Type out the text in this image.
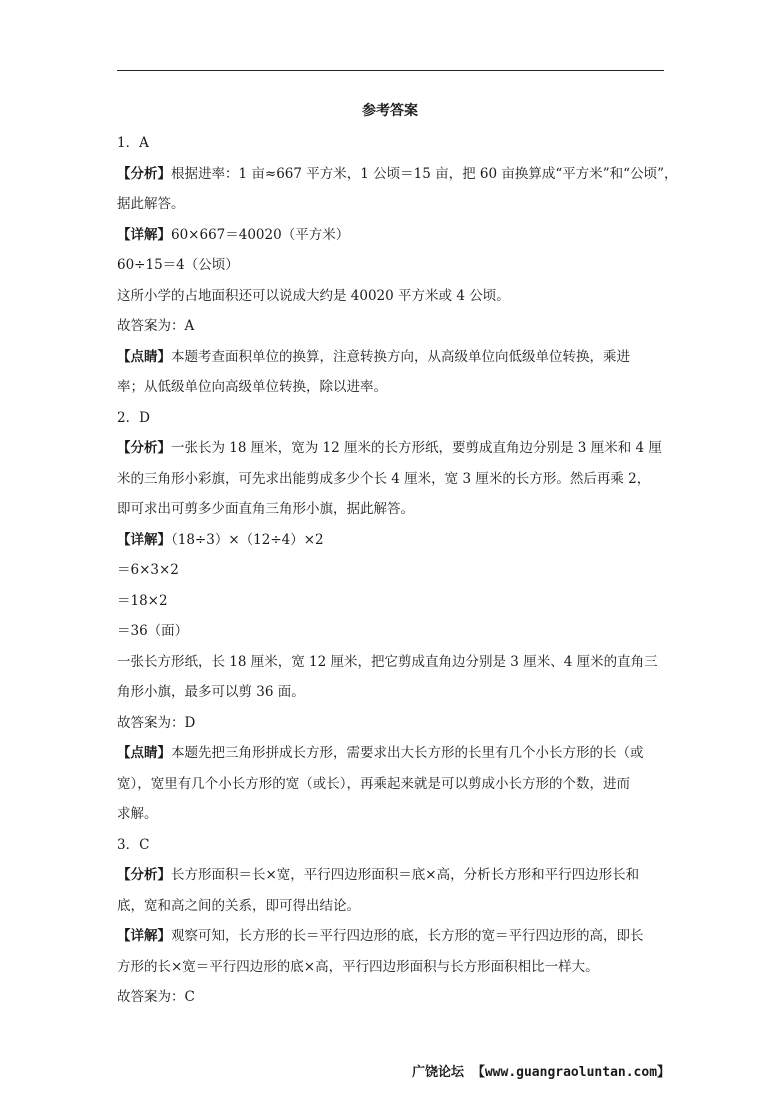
参考答案
1．A
【分析】根据进率：1 亩≈667 平方米，1 公顷＝15 亩，把 60 亩换算成“平方米”和“公顷”，
据此解答。
【详解】60×667＝40020（平方米）
60÷15＝4（公顷）
这所小学的占地面积还可以说成大约是 40020 平方米或 4 公顷。
故答案为：A
【点睛】本题考查面积单位的换算，注意转换方向，从高级单位向低级单位转换，乘进
率；从低级单位向高级单位转换，除以进率。
2．D
【分析】一张长为 18 厘米，宽为 12 厘米的长方形纸，要剪成直角边分别是 3 厘米和 4 厘
米的三角形小彩旗，可先求出能剪成多少个长 4 厘米，宽 3 厘米的长方形。然后再乘 2，
即可求出可剪多少面直角三角形小旗，据此解答。
【详解】（18÷3）×（12÷4）×2
＝6×3×2
＝18×2
＝36（面）
一张长方形纸，长 18 厘米，宽 12 厘米，把它剪成直角边分别是 3 厘米、4 厘米的直角三
角形小旗，最多可以剪 36 面。
故答案为：D
【点睛】本题先把三角形拼成长方形，需要求出大长方形的长里有几个小长方形的长（或
宽），宽里有几个小长方形的宽（或长），再乘起来就是可以剪成小长方形的个数，进而
求解。
3．C
【分析】长方形面积＝长×宽，平行四边形面积＝底×高，分析长方形和平行四边形长和
底，宽和高之间的关系，即可得出结论。
【详解】观察可知，长方形的长＝平行四边形的底，长方形的宽＝平行四边形的高，即长
方形的长×宽＝平行四边形的底×高，平行四边形面积与长方形面积相比一样大。
故答案为：C
广饶论坛 【www.guangraoluntan.com】
